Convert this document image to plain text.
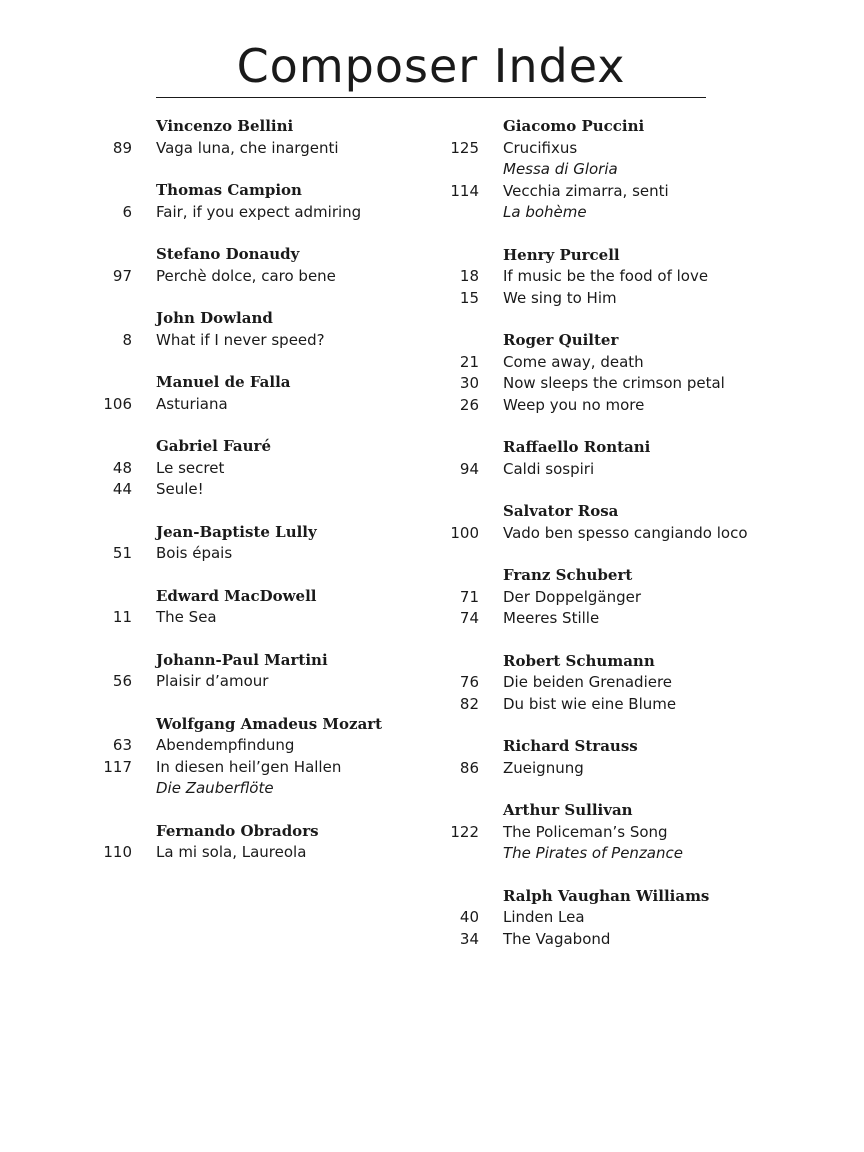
Composer Index
Vincenzo Bellini
89 Vaga luna, che inargenti
Thomas Campion
6 Fair, if you expect admiring
Stefano Donaudy
97 Perchè dolce, caro bene
John Dowland
8 What if I never speed?
Manuel de Falla
106 Asturiana
Gabriel Fauré
48 Le secret
44 Seule!
Jean-Baptiste Lully
51 Bois épais
Edward MacDowell
11 The Sea
Johann-Paul Martini
56 Plaisir d’amour
Wolfgang Amadeus Mozart
63 Abendempfindung
117 In diesen heil’gen Hallen
Die Zauberflöte
Fernando Obradors
110 La mi sola, Laureola
Giacomo Puccini
125 Crucifixus
Messa di Gloria
114 Vecchia zimarra, senti
La bohème
Henry Purcell
18 If music be the food of love
15 We sing to Him
Roger Quilter
21 Come away, death
30 Now sleeps the crimson petal
26 Weep you no more
Raffaello Rontani
94 Caldi sospiri
Salvator Rosa
100 Vado ben spesso cangiando loco
Franz Schubert
71 Der Doppelgänger
74 Meeres Stille
Robert Schumann
76 Die beiden Grenadiere
82 Du bist wie eine Blume
Richard Strauss
86 Zueignung
Arthur Sullivan
122 The Policeman’s Song
The Pirates of Penzance
Ralph Vaughan Williams
40 Linden Lea
34 The Vagabond
